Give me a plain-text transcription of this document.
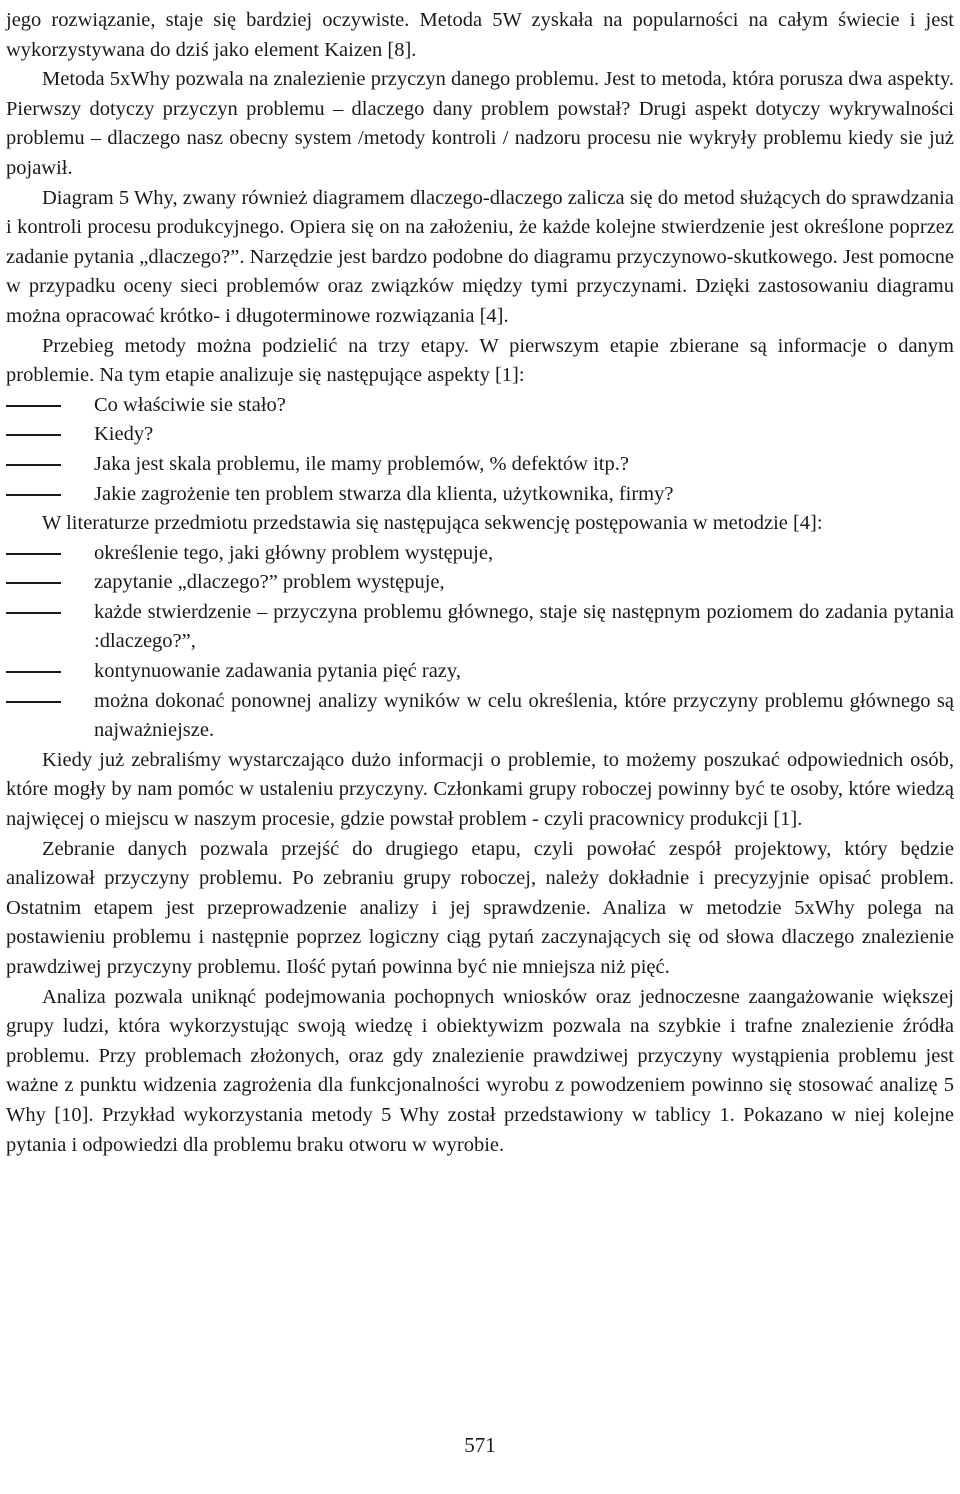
jego rozwiązanie, staje się bardziej oczywiste. Metoda 5W zyskała na popularności na całym świecie i jest wykorzystywana do dziś jako element Kaizen [8].

Metoda 5xWhy pozwala na znalezienie przyczyn danego problemu. Jest to metoda, która porusza dwa aspekty. Pierwszy dotyczy przyczyn problemu – dlaczego dany problem powstał? Drugi aspekt dotyczy wykrywalności problemu – dlaczego nasz obecny system /metody kontroli / nadzoru procesu nie wykryły problemu kiedy sie już pojawił.

Diagram 5 Why, zwany również diagramem dlaczego-dlaczego zalicza się do metod służących do sprawdzania i kontroli procesu produkcyjnego. Opiera się on na założeniu, że każde kolejne stwierdzenie jest określone poprzez zadanie pytania „dlaczego?”. Narzędzie jest bardzo podobne do diagramu przyczynowo-skutkowego. Jest pomocne w przypadku oceny sieci problemów oraz związków między tymi przyczynami. Dzięki zastosowaniu diagramu można opracować krótko- i długoterminowe rozwiązania [4].

Przebieg metody można podzielić na trzy etapy. W pierwszym etapie zbierane są informacje o danym problemie. Na tym etapie analizuje się następujące aspekty [1]:

Co właściwie sie stało?
Kiedy?
Jaka jest skala problemu, ile mamy problemów, % defektów itp.?
Jakie zagrożenie ten problem stwarza dla klienta, użytkownika, firmy?

W literaturze przedmiotu przedstawia się następująca sekwencję postępowania w metodzie [4]:

określenie tego, jaki główny problem występuje,
zapytanie „dlaczego?” problem występuje,
każde stwierdzenie – przyczyna problemu głównego, staje się następnym poziomem do zadania pytania :dlaczego?”,
kontynuowanie zadawania pytania pięć razy,
można dokonać ponownej analizy wyników w celu określenia, które przyczyny problemu głównego są najważniejsze.

Kiedy już zebraliśmy wystarczająco dużo informacji o problemie, to możemy poszukać odpowiednich osób, które mogły by nam pomóc w ustaleniu przyczyny. Członkami grupy roboczej powinny być te osoby, które wiedzą najwięcej o miejscu w naszym procesie, gdzie powstał problem - czyli pracownicy produkcji [1].

Zebranie danych pozwala przejść do drugiego etapu, czyli powołać zespół projektowy, który będzie analizował przyczyny problemu. Po zebraniu grupy roboczej, należy dokładnie i precyzyjnie opisać problem. Ostatnim etapem jest przeprowadzenie analizy i jej sprawdzenie. Analiza w metodzie 5xWhy polega na postawieniu problemu i następnie poprzez logiczny ciąg pytań zaczynających się od słowa dlaczego znalezienie prawdziwej przyczyny problemu. Ilość pytań powinna być nie mniejsza niż pięć.

Analiza pozwala uniknąć podejmowania pochopnych wniosków oraz jednoczesne zaangażowanie większej grupy ludzi, która wykorzystując swoją wiedzę i obiektywizm pozwala na szybkie i trafne znalezienie źródła problemu. Przy problemach złożonych, oraz gdy znalezienie prawdziwej przyczyny wystąpienia problemu jest ważne z punktu widzenia zagrożenia dla funkcjonalności wyrobu z powodzeniem powinno się stosować analizę 5 Why [10]. Przykład wykorzystania metody 5 Why został przedstawiony w tablicy 1. Pokazano w niej kolejne pytania i odpowiedzi dla problemu braku otworu w wyrobie.

571
